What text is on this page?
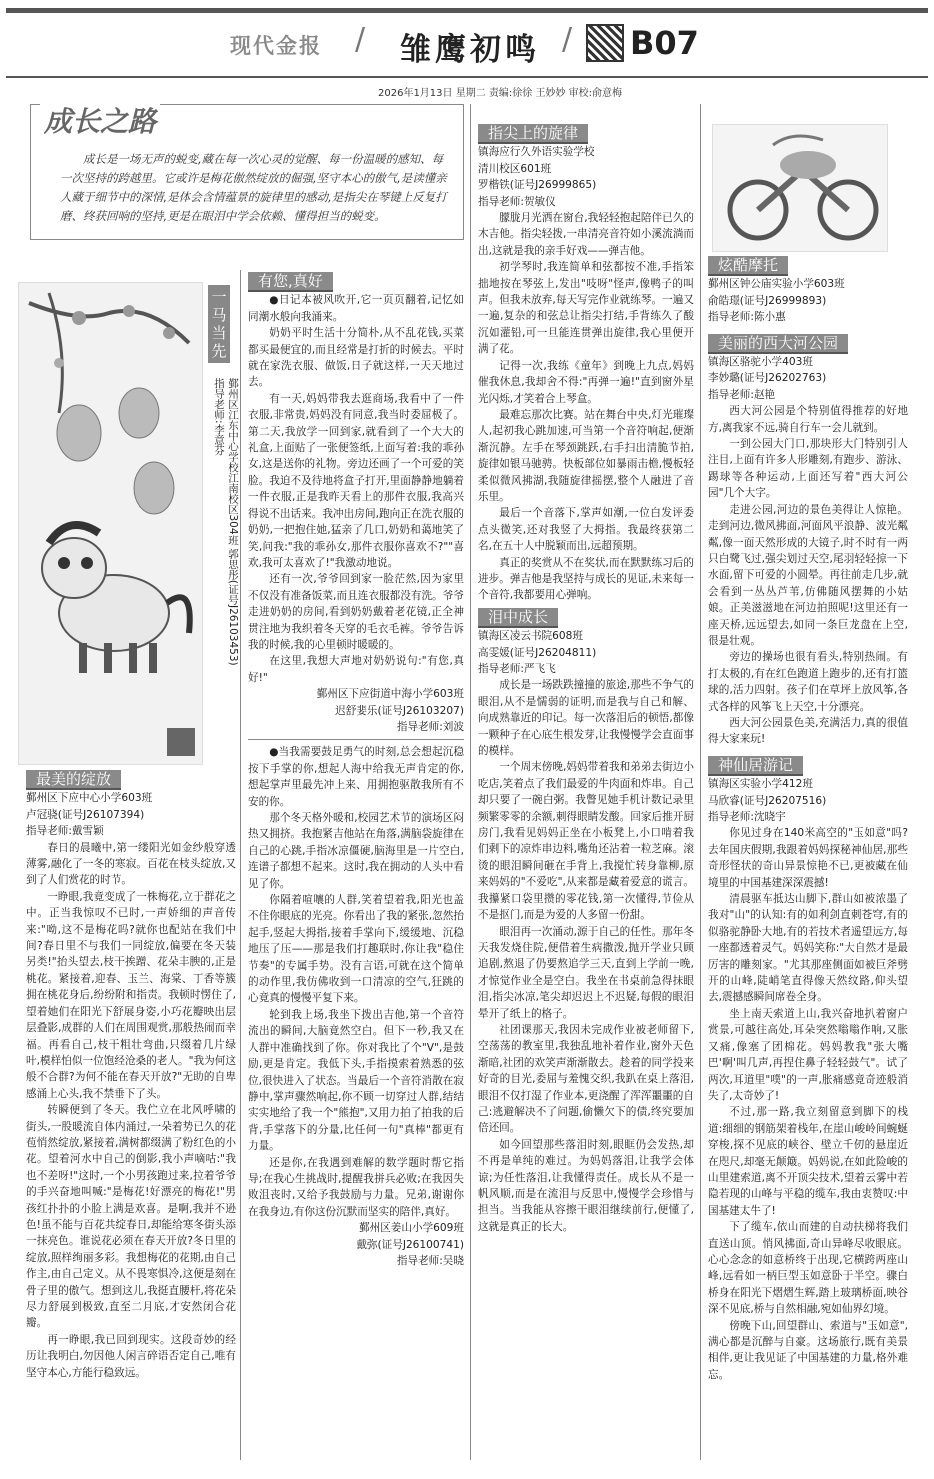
现代金报 / 雏鹰初鸣 / B07
2026年1月13日 星期二 责编:徐徐 王妙妙 审校:俞意梅
成长之路
成长是一场无声的蜕变,藏在每一次心灵的觉醒、每一份温暖的感知、每一次坚持的跨越里。它或许是梅花傲然绽放的倔强,坚守本心的傲气,是读懂亲人藏于细节中的深情,是体会含情蕴景的旋律里的感动,是指尖在琴键上反复打磨、终获回响的坚持,更是在眼泪中学会依赖、懂得担当的蜕变。
一马当先
鄞州区江东中心学校江南校区304班 郭思彤(证号J26103453) 指导老师:李意芬
最美的绽放

鄞州区下应中心小学603班

卢冠骁(证号J26107394)

指导老师:戴雪颖

春日的晨曦中,第一缕阳光如金纱般穿透薄雾,融化了一冬的寒寂。百花在枝头绽放,又到了人们赏花的时节。

一睁眼,我竟变成了一株梅花,立于群花之中。正当我惊叹不已时,一声娇细的声音传来:"呦,这不是梅花吗?就你也配站在我们中间?春日里不与我们一同绽放,偏要在冬天装另类!"抬头望去,枝干挨蹭、花朵丰腴的,正是桃花。紧接着,迎春、玉兰、海棠、丁香等簇拥在桃花身后,纷纷附和指责。我顿时愣住了,望着她们在阳光下舒展身姿,小巧花瓣映出层层叠影,成群的人们在周围观赏,那般热闹而幸福。再看自己,枝干粗壮弯曲,只缀着几片绿叶,模样怕似一位饱经沧桑的老人。"我为何这般不合群?为何不能在春天开放?"无助的自卑感涌上心头,我不禁垂下了头。

转瞬便到了冬天。我伫立在北风呼啸的街头,一股暖流自体内涌过,一朵着势已久的花苞悄然绽放,紧接着,满树都缀满了粉红色的小花。望着河水中自己的倒影,我小声嘀咕:"我也不差呀!"这时,一个小男孩跑过来,拉着爷爷的手兴奋地叫喊:"是梅花!好漂亮的梅花!"男孩红扑扑的小脸上满是欢喜。是啊,我并不逊色!虽不能与百花共绽春日,却能给寒冬街头添一抹亮色。谁说花必须在春天开放?冬日里的绽放,照样绚丽多彩。我想梅花的花期,由自己作主,由自己定义。从不畏寒惧冷,这便是刻在骨子里的傲气。想到这儿,我挺直腰杆,将花朵尽力舒展到极致,直至二月底,才安然闭合花瓣。

再一睁眼,我已回到现实。这段奇妙的经历让我明白,勿因他人闲言碎语否定自己,唯有坚守本心,方能行稳致远。

有您,真好

●日记本被风吹开,它一页页翻着,记忆如同潮水般向我涌来。

奶奶平时生活十分简朴,从不乱花钱,买菜都买最便宜的,而且经常是打折的时候去。平时就在家洗衣服、做饭,日子就这样,一天天地过去。

有一天,妈妈带我去逛商场,我看中了一件衣服,非常贵,妈妈没有同意,我当时委屈极了。第二天,我放学一回到家,就看到了一个大大的礼盒,上面贴了一张便签纸,上面写着:我的乖孙女,这是送你的礼物。旁边还画了一个可爱的笑脸。我迫不及待地将盒子打开,里面静静地躺着一件衣服,正是我昨天看上的那件衣服,我高兴得说不出话来。我冲出房间,跑向正在洗衣服的奶奶,一把抱住她,猛亲了几口,奶奶和蔼地笑了笑,问我:"我的乖孙女,那件衣服你喜欢不?""喜欢,我可太喜欢了!"我激动地说。

还有一次,爷爷回到家一脸茫然,因为家里不仅没有准备饭菜,而且连衣服都没有洗。爷爷走进奶奶的房间,看到奶奶戴着老花镜,正全神贯注地为我织着冬天穿的毛衣毛裤。爷爷告诉我的时候,我的心里顿时暖暖的。

在这里,我想大声地对奶奶说句:"有您,真好!"

鄞州区下应街道中海小学603班

迟舒婓乐(证号J26103207)

指导老师:刘波

●当我需要鼓足勇气的时刻,总会想起沉稳按下手掌的你,想起人海中给我无声肯定的你,想起掌声里最先冲上来、用拥抱驱散我所有不安的你。

那个冬天格外暖和,校园艺术节的演场区闷热又拥挤。我抱紧吉他站在角落,满脑袋旋律在自己的心跳,手指冰凉僵硬,脑海里是一片空白,连谱子都想不起来。这时,我在拥动的人头中看见了你。

你隔着喧嚷的人群,笑着望着我,阳光也盖不住你眼底的光亮。你看出了我的紧张,忽然抬起手,竖起大拇指,接着手掌向下,缓缓地、沉稳地压了压——那是我们打趣联时,你让我"稳住节奏"的专属手势。没有言语,可就在这个简单的动作里,我仿佛收到一口清凉的空气,狂跳的心竟真的慢慢平复下来。

轮到我上场,我坐下拨出吉他,第一个音符流出的瞬间,大脑竟然空白。但下一秒,我又在人群中准确找到了你。你对我比了个"V",是鼓励,更是肯定。我低下头,手指摸索着熟悉的弦位,很快进入了状态。当最后一个音符消散在寂静中,掌声骤然响起,你不顾一切穿过人群,结结实实地给了我一个"熊抱",又用力拍了拍我的后背,手掌落下的分量,比任何一句"真棒"都更有力量。

还是你,在我遇到难解的数学题时帮它指导;在我心生挑战时,提醒我拼兵必败;在我因失败沮丧时,又给予我鼓励与力量。兄弟,谢谢你在我身边,有你这份沉默而坚实的陪伴,真好。

鄞州区姜山小学609班

戴弥(证号J26100741)

指导老师:吴晓

指尖上的旋律

镇海应行久外语实验学校

清川校区601班

罗楷铁(证号J26999865)

指导老师:贺敏仪

朦胧月光洒在窗台,我轻轻抱起陪伴已久的木吉他。指尖轻拨,一串清亮音符如小溪流淌而出,这就是我的亲手好戏——弹吉他。

初学琴时,我连简单和弦都按不准,手指笨拙地按在琴弦上,发出"吱呀"怪声,像鸭子的叫声。但我未放弃,每天写完作业就练琴。一遍又一遍,复杂的和弦总让指尖打结,手背练久了酸沉如灌铅,可一旦能连贯弹出旋律,我心里便开满了花。

记得一次,我练《童年》到晚上九点,妈妈催我休息,我却舍不得:"再弹一遍!"直到窗外星光闪烁,才笑着合上琴盒。

最难忘那次比赛。站在舞台中央,灯光璀璨人,起初我心跳加速,可当第一个音符响起,便渐渐沉静。左手在琴颈跳跃,右手扫出清脆节拍,旋律如银马驰骋。快板部位如暴雨击檐,慢板轻柔似微风拂湖,我随旋律摇摆,整个人融进了音乐里。

最后一个音落下,掌声如潮,一位白发评委点头微笑,还对我竖了大拇指。我最终获第二名,在五十人中脱颖而出,远超预期。

真正的奖赏从不在奖状,而在默默练习后的进步。弹吉他是我坚持与成长的见证,未来每一个音符,我都要用心弹响。

泪中成长

镇海区凌云书院608班

高雯媛(证号J26204811)

指导老师:严飞飞

成长是一场跌跌撞撞的旅途,那些不争气的眼泪,从不是懦弱的证明,而是我与自己和解、向成熟靠近的印记。每一次落泪后的顿悟,都像一颗种子在心底生根发芽,让我慢慢学会直面事的模样。

一个周末傍晚,妈妈带着我和弟弟去街边小吃店,笑着点了我们最爱的牛肉面和炸串。自己却只要了一碗白粥。我瞥见她手机计数记录里频繁零零的余额,刺得眼睛发酸。回家后推开厨房门,我看见妈妈正坐在小板凳上,小口啃着我们剩下的凉炸串边料,嘴角还沾着一粒芝麻。滚烫的眼泪瞬间砸在手背上,我搅忙转身靠柳,原来妈妈的"不爱吃",从来都是藏着爱意的谎言。我攥紧口袋里攒的零花钱,第一次懂得,节俭从不是抠门,而是为爱的人多留一份甜。

眼泪再一次涌动,源于自己的任性。那年冬天我发烧住院,便借着生病撒泼,抛开学业只顾追剧,熬退了仍要熬追学三天,直到上学前一晚,才惊觉作业全是空白。我坐在书桌前急得抹眼泪,指尖冰凉,笔尖却迟迟上不迟疑,每假的眼泪晕开了纸上的格子。

社团课那天,我因未完成作业被老师留下,空荡荡的教室里,我独乱地补着作业,窗外天色渐暗,社团的欢笑声渐渐散去。趁着的同学投来好奇的目光,委屈与羞愧交织,我趴在桌上落泪,眼泪不仅打湿了作业本,更浇醒了浑浑噩噩的自己:逃避解决不了问题,偷懒欠下的债,终究要加倍还回。

如今回望那些落泪时刻,眼眶仍会发热,却不再是单纯的难过。为妈妈落泪,让我学会体谅;为任性落泪,让我懂得责任。成长从不是一帆风顺,而是在流泪与反思中,慢慢学会珍惜与担当。当我能从容擦干眼泪继续前行,便懂了,这就是真正的长大。

炫酷摩托

鄞州区钟公庙实验小学603班

俞皓璟(证号J26999893)

指导老师:陈小惠

美丽的西大河公园

镇海区骆驼小学403班

李妙璐(证号J26202763)

指导老师:赵艳

西大河公园是个特别值得推荐的好地方,离我家不远,骑自行车一会儿就到。

一到公园大门口,那块形大门特别引人注目,上面有许多人形雕刻,有跑步、游泳、踢球等各种运动,上面还写着"西大河公园"几个大字。

走进公园,河边的景色美得让人惊艳。走到河边,微风拂面,河面风平浪静、波光粼粼,像一面天然形成的大镜子,时不时有一两只白鹭飞过,强尖划过天空,尾羽轻轻掠一下水面,留下可爱的小圆晕。再往前走几步,就会看到一丛丛芦苇,仿佛随风摆舞的小姑娘。正美滋滋地在河边拍照呢!这里还有一座天桥,远远望去,如同一条巨龙盘在上空,很是壮观。

旁边的操场也很有看头,特别热闹。有打太极的,有在红色跑道上跑步的,还有打篮球的,活力四射。孩子们在草坪上放风筝,各式各样的风筝飞上天空,十分漂亮。

西大河公园景色美,充满活力,真的很值得大家来玩!

神仙居游记

镇海区实验小学412班

马欣睿(证号J26207516)

指导老师:沈晓宇

你见过身在140米高空的"玉如意"吗?去年国庆假期,我跟着妈妈探秘神仙居,那些奇形怪状的奇山异景惊艳不已,更被藏在仙境里的中国基建深深震撼!

清晨驱车抵达山脚下,群山如被浓墨了我对"山"的认知:有的如利剑直刺苍穹,有的似骆驼静卧大地,有的若技术者遥望远方,每一座都透着灵气。妈妈笑称:"大自然才是最厉害的雕刻家。"尤其那座侧面如被巨斧劈开的山峰,陡峭笔直得像天然纹路,仰头望去,震撼感瞬间席卷全身。

坐上南天索道上山,我兴奋地扒着窗户赏景,可越往高处,耳朵突然嗡嗡作响,又胀又痛,像塞了团棉花。妈妈教我"张大嘴巴'啊'叫几声,再捏住鼻子轻轻鼓气"。试了两次,耳道里"噗"的一声,胀痛感竟奇迹般消失了,太奇妙了!

不过,那一路,我立刻留意到脚下的栈道:细细的钢筋架着栈年,在崖山峻岭间蜿蜒穿梭,探不见底的峡谷、壁立千仞的悬崖近在咫尺,却毫无颠簸。妈妈说,在如此险峻的山里建索道,离不开顶尖技术,望着云雾中若隐若现的山峰与平稳的缆车,我由衷赞叹:中国基建太牛了!

下了缆车,依山而建的自动扶梯将我们直送山顶。悄风拂面,奇山异峰尽收眼底。心心念念的如意桥终于出现,它横跨两座山峰,远看如一柄巨型玉如意卧于半空。骤白桥身在阳光下熠熠生辉,踏上玻璃桥面,映谷深不见底,桥与自然相融,宛如仙界幻境。

傍晚下山,回望群山、索道与"玉如意",满心都是沉醉与自豪。这场旅行,既有美景相伴,更让我见证了中国基建的力量,格外难忘。
